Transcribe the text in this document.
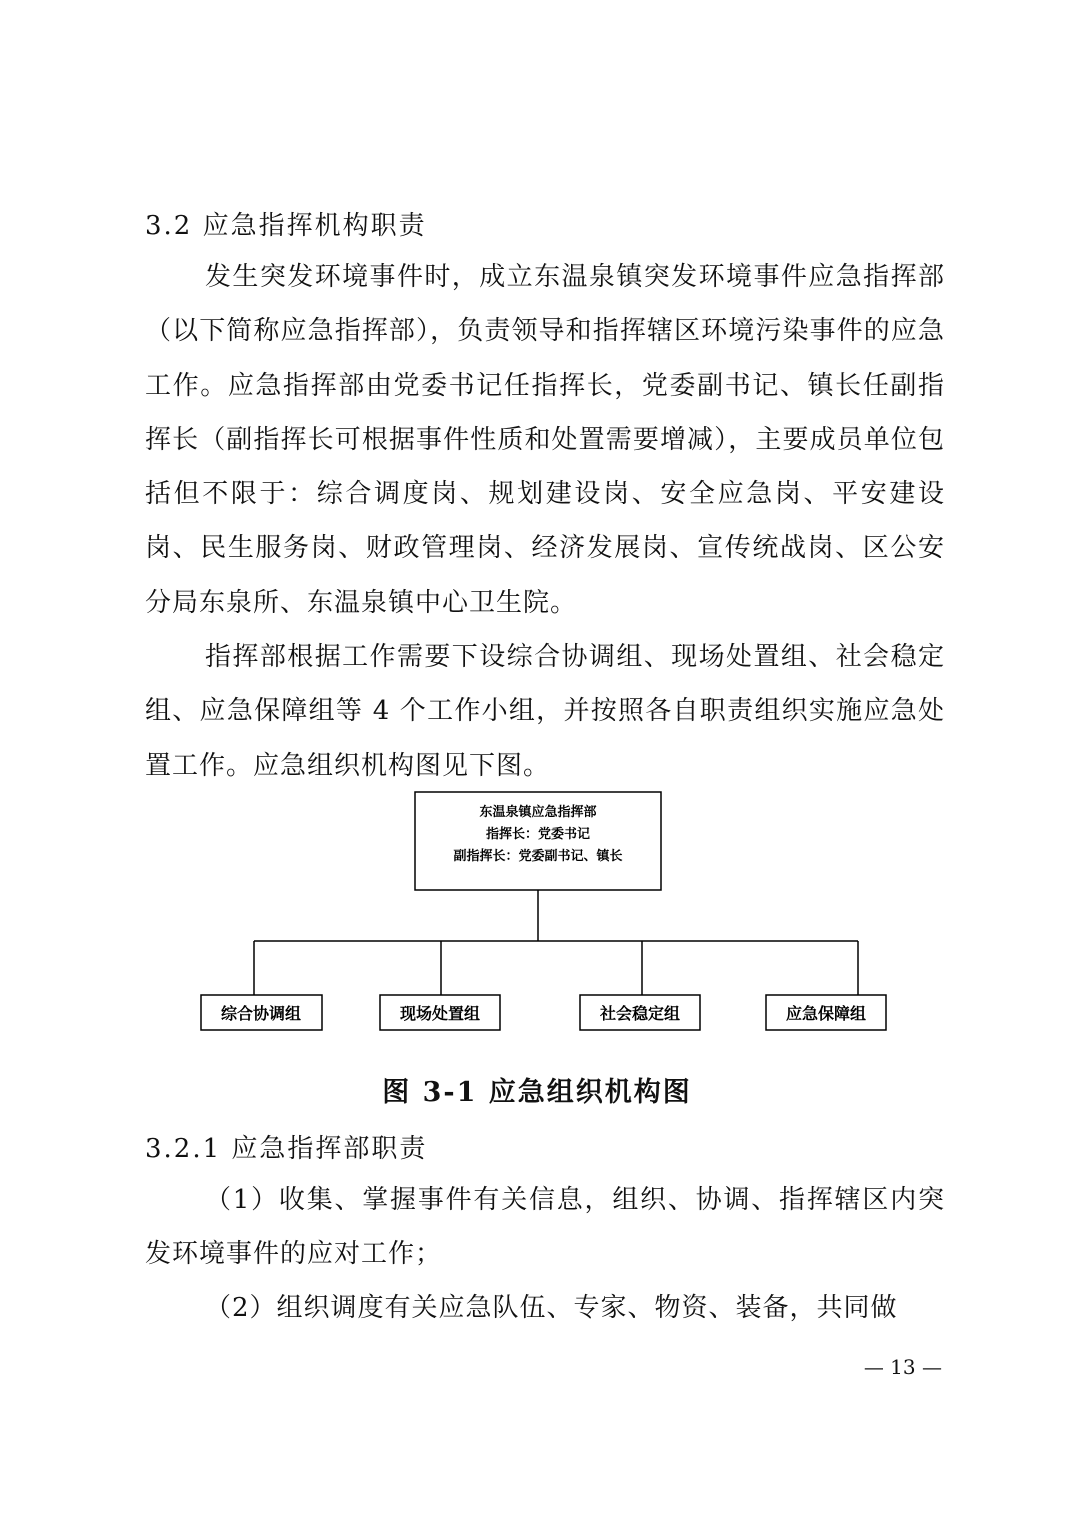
3.2 应急指挥机构职责
发生突发环境事件时，成立东温泉镇突发环境事件应急指挥部（以下简称应急指挥部），负责领导和指挥辖区环境污染事件的应急工作。应急指挥部由党委书记任指挥长，党委副书记、镇长任副指挥长（副指挥长可根据事件性质和处置需要增减），主要成员单位包括但不限于：综合调度岗、规划建设岗、安全应急岗、平安建设岗、民生服务岗、财政管理岗、经济发展岗、宣传统战岗、区公安分局东泉所、东温泉镇中心卫生院。
指挥部根据工作需要下设综合协调组、现场处置组、社会稳定组、应急保障组等 4 个工作小组，并按照各自职责组织实施应急处置工作。应急组织机构图见下图。
东温泉镇应急指挥部
指挥长：党委书记
副指挥长：党委副书记、镇长
综合协调组	现场处置组	社会稳定组	应急保障组
图 3-1 应急组织机构图
3.2.1 应急指挥部职责
（1）收集、掌握事件有关信息，组织、协调、指挥辖区内突发环境事件的应对工作；
（2）组织调度有关应急队伍、专家、物资、装备，共同做
— 13 —
